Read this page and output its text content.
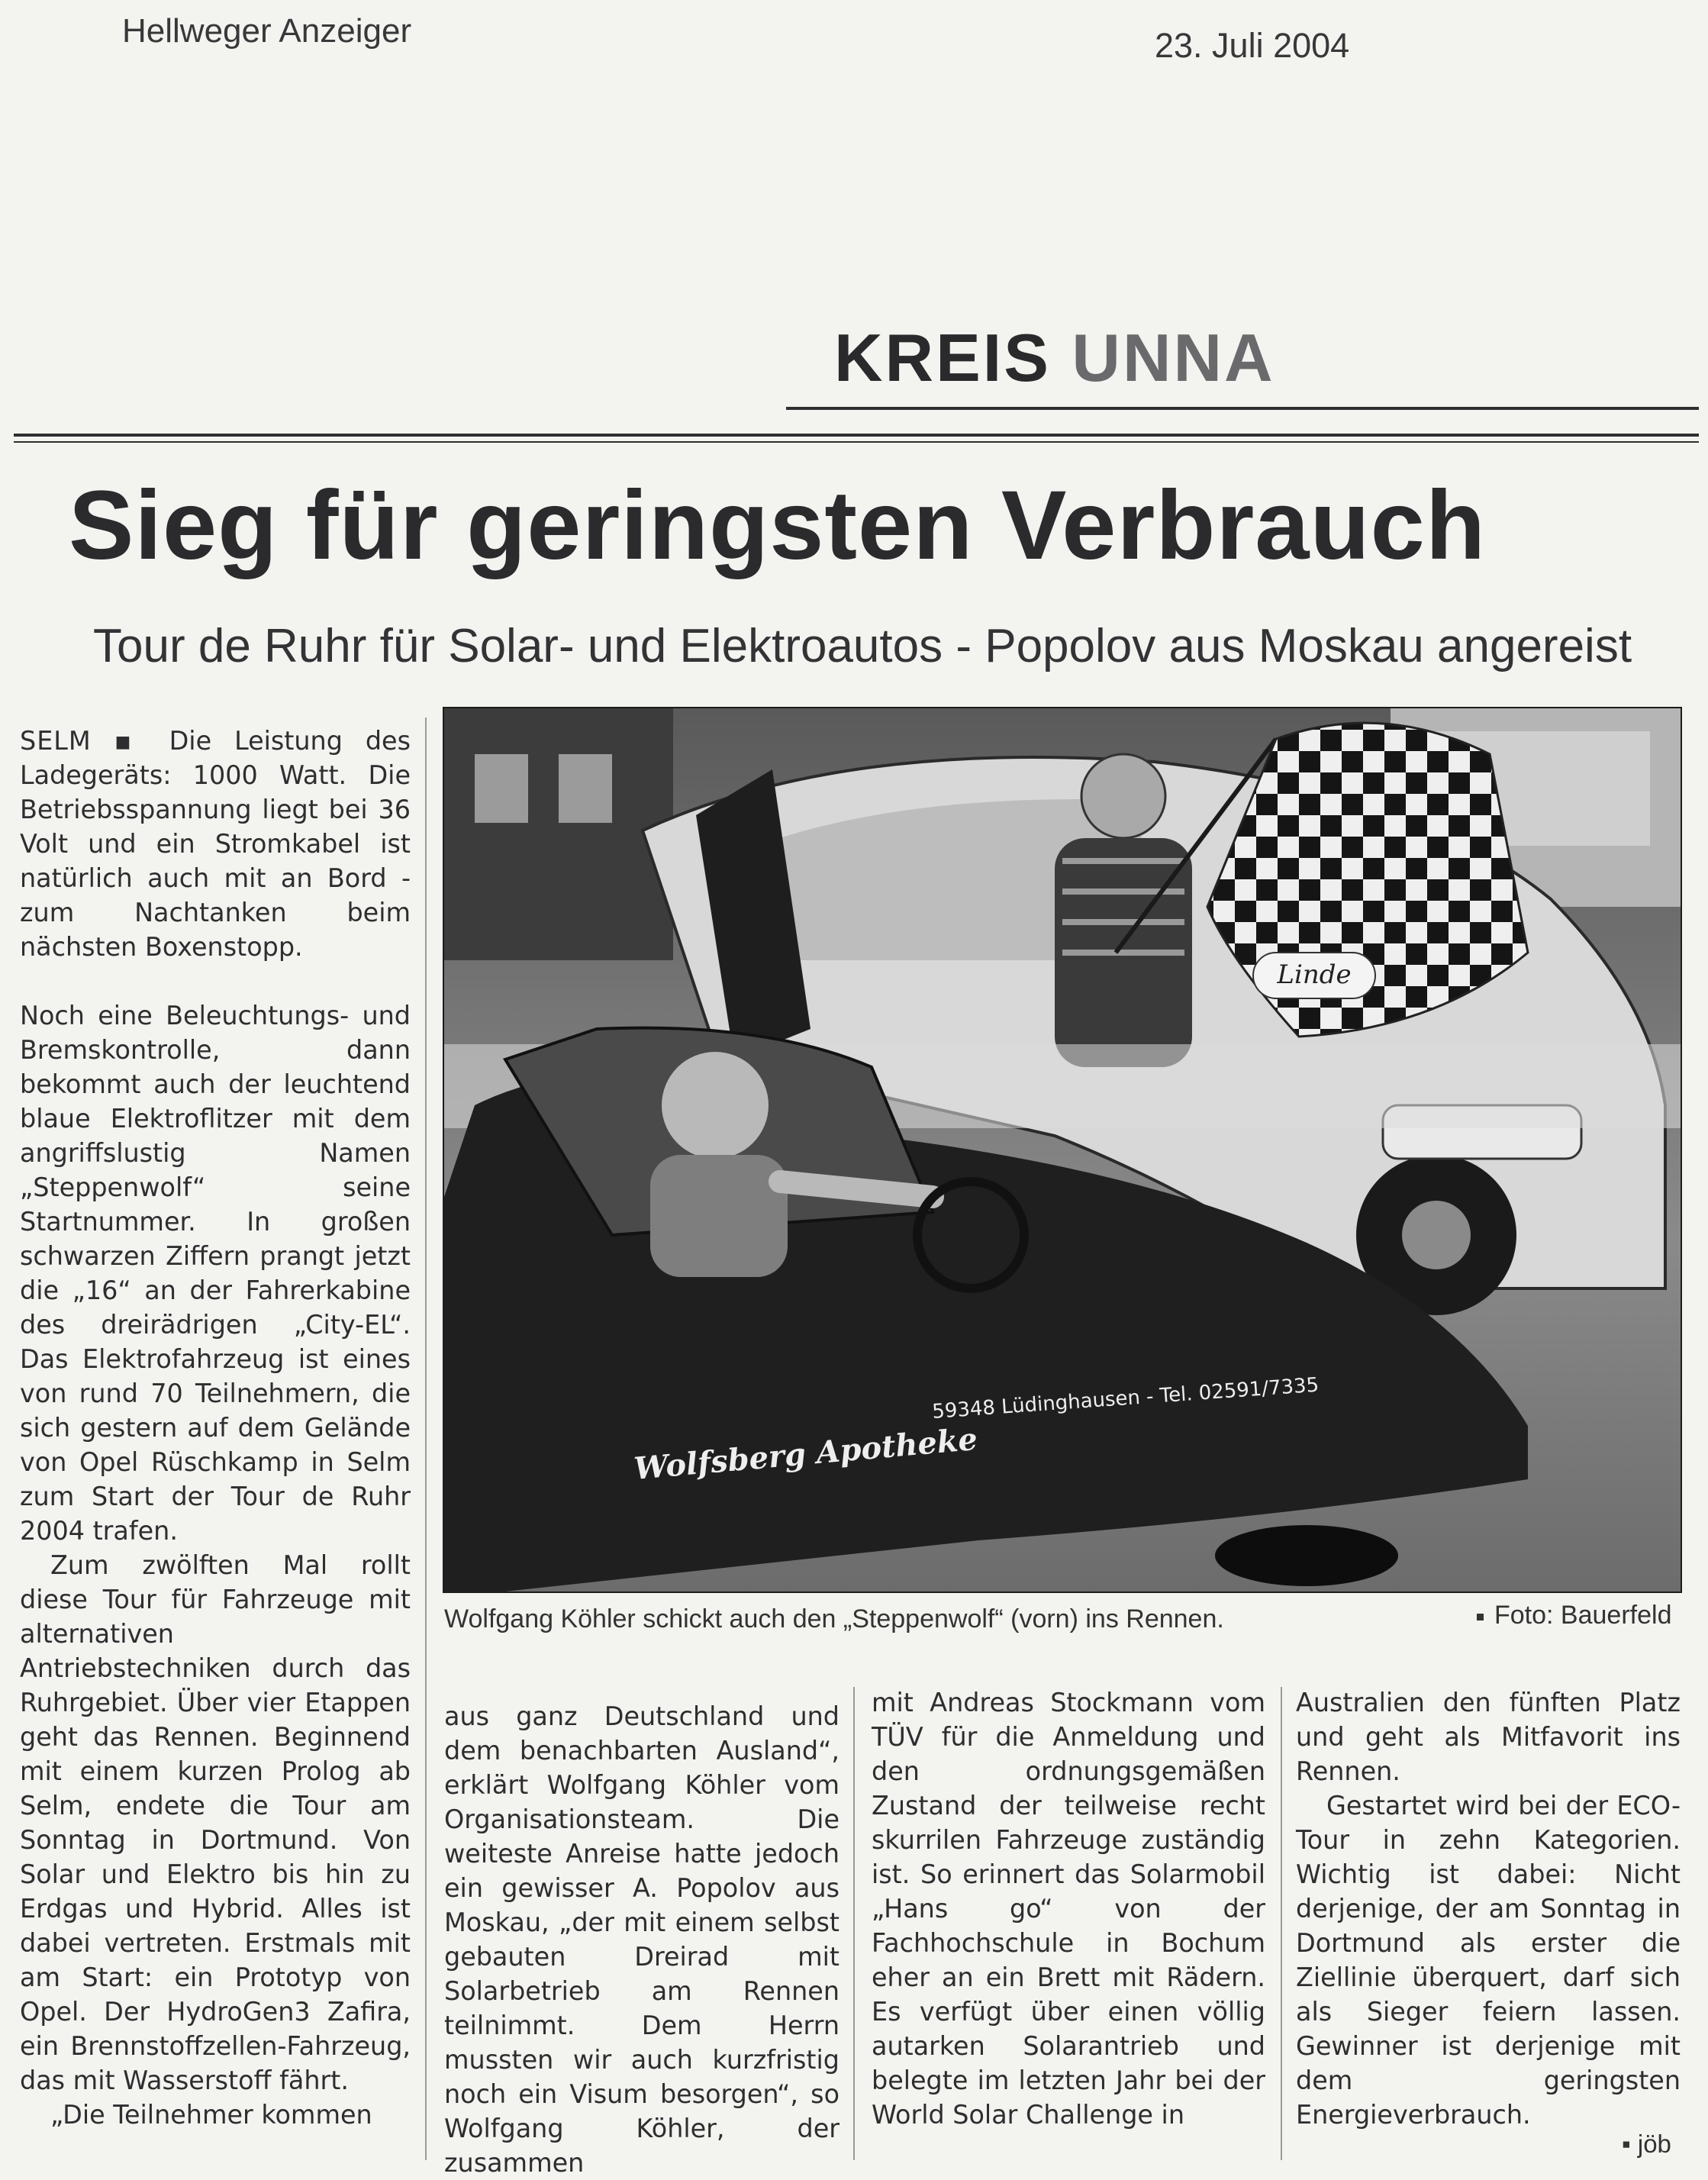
Hellweger Anzeiger	23. Juli 2004
KREIS UNNA
Sieg für geringsten Verbrauch
Tour de Ruhr für Solar- und Elektroautos - Popolov aus Moskau angereist

SELM ▪ Die Leistung des Ladegeräts: 1000 Watt. Die Betriebsspannung liegt bei 36 Volt und ein Stromkabel ist natürlich auch mit an Bord - zum Nachtanken beim nächsten Boxenstopp.

Noch eine Beleuchtungs- und Bremskontrolle, dann bekommt auch der leuchtend blaue Elektroflitzer mit dem angriffslustig Namen „Steppenwolf“ seine Startnummer. In großen schwarzen Ziffern prangt jetzt die „16“ an der Fahrerkabine des dreirädrigen „City-EL“. Das Elektrofahrzeug ist eines von rund 70 Teilnehmern, die sich gestern auf dem Gelände von Opel Rüschkamp in Selm zum Start der Tour de Ruhr 2004 trafen.

Zum zwölften Mal rollt diese Tour für Fahrzeuge mit alternativen Antriebstechniken durch das Ruhrgebiet. Über vier Etappen geht das Rennen. Beginnend mit einem kurzen Prolog ab Selm, endete die Tour am Sonntag in Dortmund. Von Solar und Elektro bis hin zu Erdgas und Hybrid. Alles ist dabei vertreten. Erstmals mit am Start: ein Prototyp von Opel. Der HydroGen3 Zafira, ein Brennstoffzellen-Fahrzeug, das mit Wasserstoff fährt.

„Die Teilnehmer kommen

Linde
59348 Lüdinghausen - Tel. 02591/7335
Wolfsberg Apotheke
Wolfgang Köhler schickt auch den „Steppenwolf“ (vorn) ins Rennen.	Foto: Bauerfeld

aus ganz Deutschland und dem benachbarten Ausland“, erklärt Wolfgang Köhler vom Organisationsteam. Die weiteste Anreise hatte jedoch ein gewisser A. Popolov aus Moskau, „der mit einem selbst gebauten Dreirad mit Solarbetrieb am Rennen teilnimmt. Dem Herrn mussten wir auch kurzfristig noch ein Visum besorgen“, so Wolfgang Köhler, der zusammen

mit Andreas Stockmann vom TÜV für die Anmeldung und den ordnungsgemäßen Zustand der teilweise recht skurrilen Fahrzeuge zuständig ist. So erinnert das Solarmobil „Hans go“ von der Fachhochschule in Bochum eher an ein Brett mit Rädern. Es verfügt über einen völlig autarken Solarantrieb und belegte im letzten Jahr bei der World Solar Challenge in

Australien den fünften Platz und geht als Mitfavorit ins Rennen.

Gestartet wird bei der ECO-Tour in zehn Kategorien. Wichtig ist dabei: Nicht derjenige, der am Sonntag in Dortmund als erster die Ziellinie überquert, darf sich als Sieger feiern lassen. Gewinner ist derjenige mit dem geringsten Energieverbrauch.

▪ jöb
